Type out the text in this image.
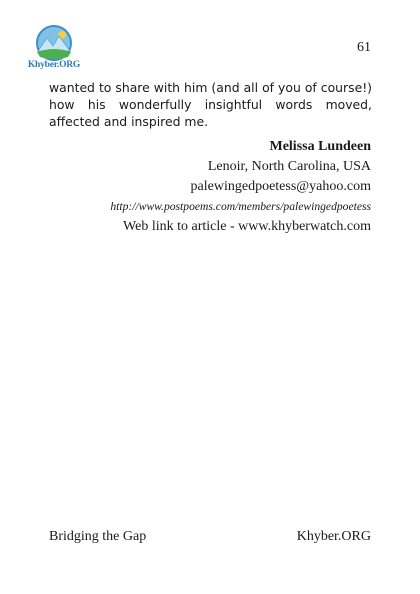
Khyber.ORG
61

wanted to share with him (and all of you of course!) how his wonderfully insightful words moved, affected and inspired me.

Melissa Lundeen
Lenoir, North Carolina, USA
palewingedpoetess@yahoo.com
http://www.postpoems.com/members/palewingedpoetess
Web link to article - www.khyberwatch.com
Bridging the Gap	Khyber.ORG
